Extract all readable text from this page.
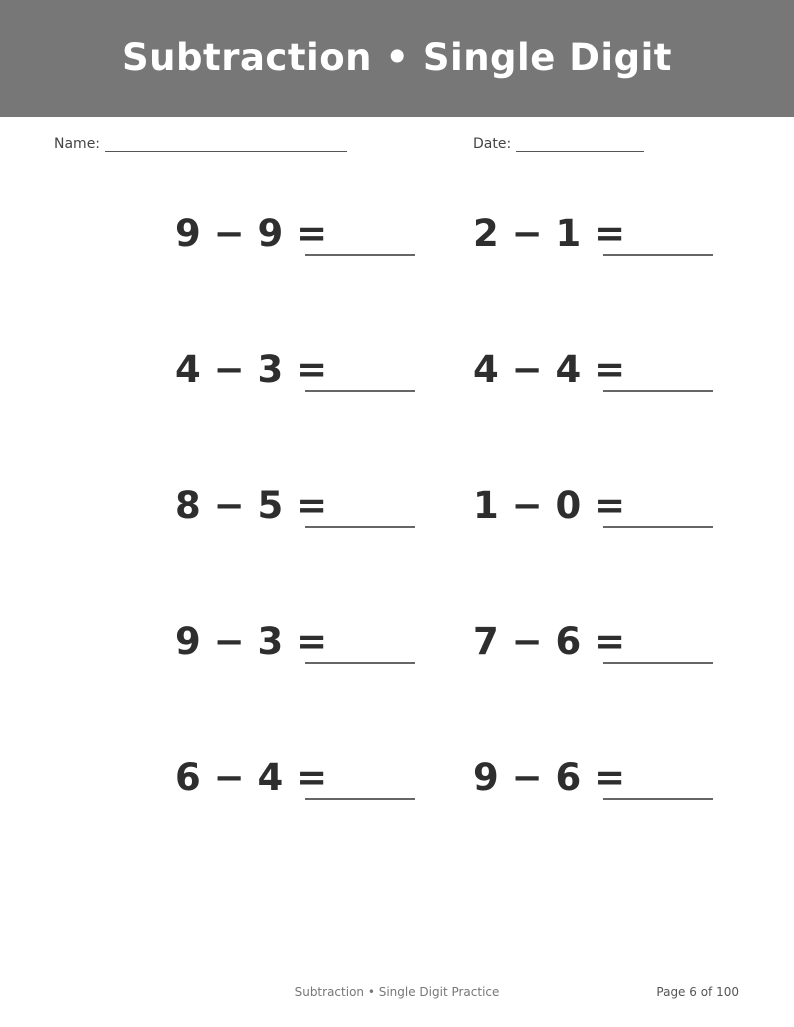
Subtraction • Single Digit
Name:	Date:
9 − 9 =	2 − 1 =
4 − 3 =	4 − 4 =
8 − 5 =	1 − 0 =
9 − 3 =	7 − 6 =
6 − 4 =	9 − 6 =
Subtraction • Single Digit Practice	Page 6 of 100
